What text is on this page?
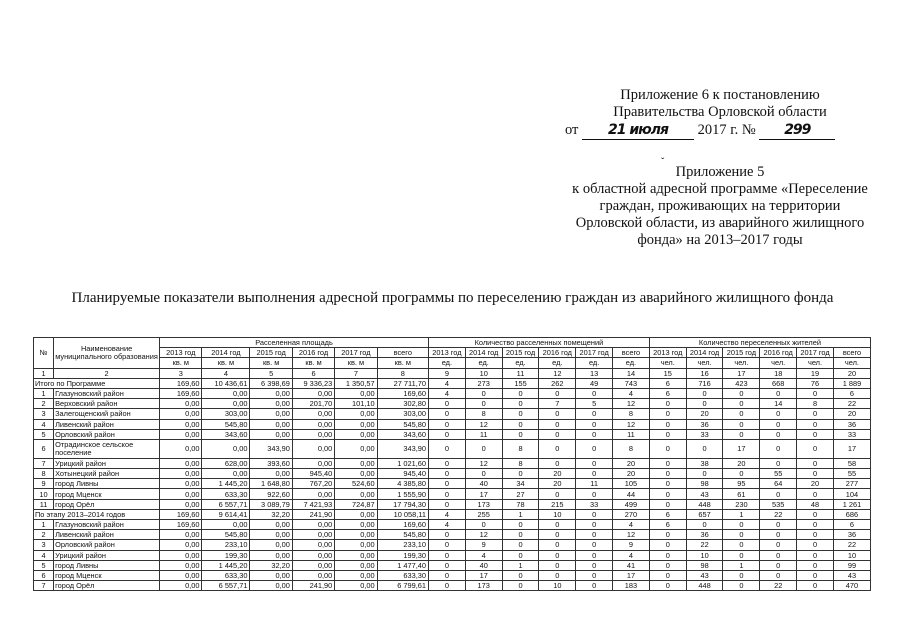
Приложение 6 к постановлению
Правительства Орловской области
от 21 июля 2017 г. № 299
ˇ
Приложение 5
к областной адресной программе «Переселение
граждан, проживающих на территории
Орловской области, из аварийного жилищного
фонда» на 2013–2017 годы
Планируемые показатели выполнения адресной программы по переселению граждан из аварийного жилищного фонда
№	Наименование муниципального образования	Расселенная площадь						Количество расселенных помещений						Количество переселенных жителей					
		2013 год	2014 год	2015 год	2016 год	2017 год	всего	2013 год	2014 год	2015 год	2016 год	2017 год	всего	2013 год	2014 год	2015 год	2016 год	2017 год	всего
		кв. м	кв. м	кв. м	кв. м	кв. м	кв. м	ед.	ед.	ед.	ед.	ед.	ед.	чел.	чел.	чел.	чел.	чел.	чел.
1	2	3	4	5	6	7	8	9	10	11	12	13	14	15	16	17	18	19	20
Итого по Программе		169,60	10 436,61	6 398,69	9 336,23	1 350,57	27 711,70	4	273	155	262	49	743	6	716	423	668	76	1 889
1	Глазуновский район	169,60	0,00	0,00	0,00	0,00	169,60	4	0	0	0	0	4	6	0	0	0	0	6
2	Верховский район	0,00	0,00	0,00	201,70	101,10	302,80	0	0	0	7	5	12	0	0	0	14	8	22
3	Залегощенский район	0,00	303,00	0,00	0,00	0,00	303,00	0	8	0	0	0	8	0	20	0	0	0	20
4	Ливенский район	0,00	545,80	0,00	0,00	0,00	545,80	0	12	0	0	0	12	0	36	0	0	0	36
5	Орловский район	0,00	343,60	0,00	0,00	0,00	343,60	0	11	0	0	0	11	0	33	0	0	0	33
6	Отрадинское сельское поселение	0,00	0,00	343,90	0,00	0,00	343,90	0	0	8	0	0	8	0	0	17	0	0	17
7	Урицкий район	0,00	628,00	393,60	0,00	0,00	1 021,60	0	12	8	0	0	20	0	38	20	0	0	58
8	Хотынецкий район	0,00	0,00	0,00	945,40	0,00	945,40	0	0	0	20	0	20	0	0	0	55	0	55
9	город Ливны	0,00	1 445,20	1 648,80	767,20	524,60	4 385,80	0	40	34	20	11	105	0	98	95	64	20	277
10	город Мценск	0,00	633,30	922,60	0,00	0,00	1 555,90	0	17	27	0	0	44	0	43	61	0	0	104
11	город Орёл	0,00	6 557,71	3 089,79	7 421,93	724,87	17 794,30	0	173	78	215	33	499	0	448	230	535	48	1 261
По этапу 2013–2014 годов		169,60	9 614,41	32,20	241,90	0,00	10 058,11	4	255	1	10	0	270	6	657	1	22	0	686
1	Глазуновский район	169,60	0,00	0,00	0,00	0,00	169,60	4	0	0	0	0	4	6	0	0	0	0	6
2	Ливенский район	0,00	545,80	0,00	0,00	0,00	545,80	0	12	0	0	0	12	0	36	0	0	0	36
3	Орловский район	0,00	233,10	0,00	0,00	0,00	233,10	0	9	0	0	0	9	0	22	0	0	0	22
4	Урицкий район	0,00	199,30	0,00	0,00	0,00	199,30	0	4	0	0	0	4	0	10	0	0	0	10
5	город Ливны	0,00	1 445,20	32,20	0,00	0,00	1 477,40	0	40	1	0	0	41	0	98	1	0	0	99
6	город Мценск	0,00	633,30	0,00	0,00	0,00	633,30	0	17	0	0	0	17	0	43	0	0	0	43
7	город Орёл	0,00	6 557,71	0,00	241,90	0,00	6 799,61	0	173	0	10	0	183	0	448	0	22	0	470
